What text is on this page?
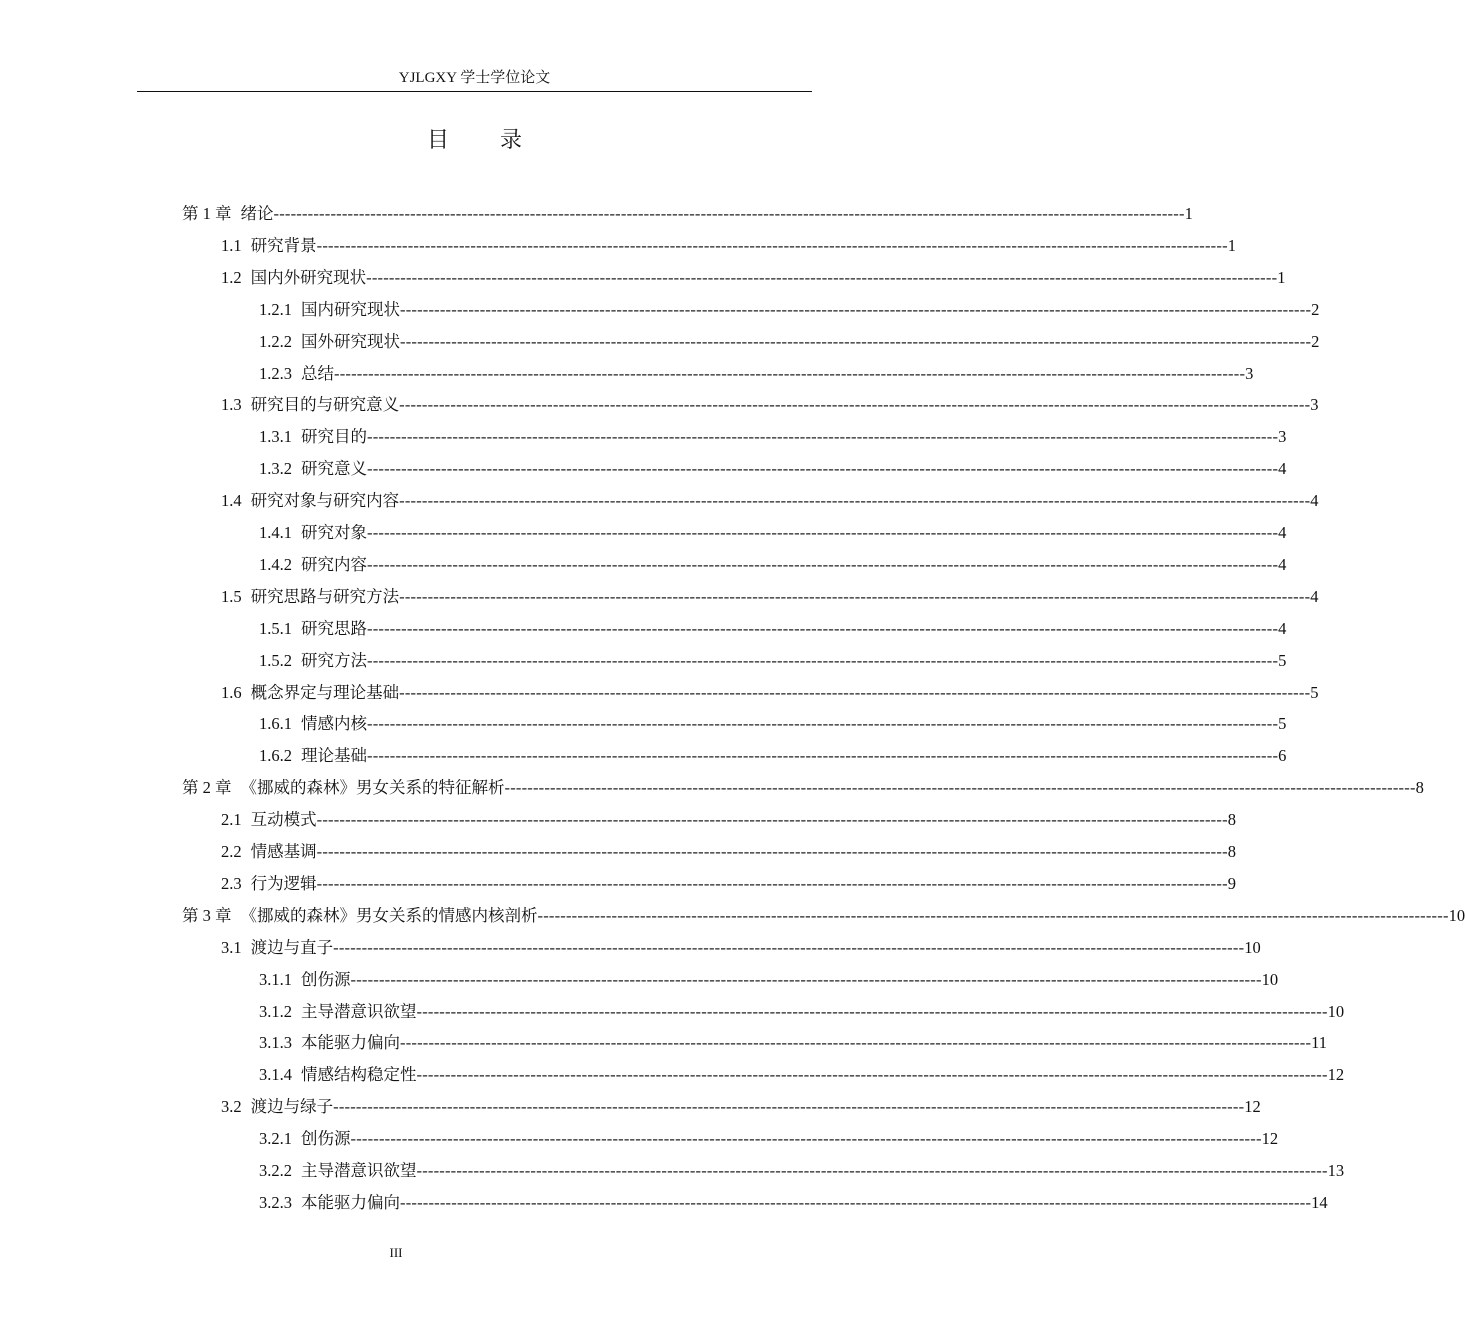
YJLGXY 学士学位论文
目 录
第 1 章 绪论 ---------------------------------------------------------------------------------------------------------------------------------------------------------------- 1
1.1 研究背景 ---------------------------------------------------------------------------------------------------------------------------------------------------------------- 1
1.2 国内外研究现状 ---------------------------------------------------------------------------------------------------------------------------------------------------------------- 1
1.2.1 国内研究现状 ---------------------------------------------------------------------------------------------------------------------------------------------------------------- 2
1.2.2 国外研究现状 ---------------------------------------------------------------------------------------------------------------------------------------------------------------- 2
1.2.3 总结 ---------------------------------------------------------------------------------------------------------------------------------------------------------------- 3
1.3 研究目的与研究意义 ---------------------------------------------------------------------------------------------------------------------------------------------------------------- 3
1.3.1 研究目的 ---------------------------------------------------------------------------------------------------------------------------------------------------------------- 3
1.3.2 研究意义 ---------------------------------------------------------------------------------------------------------------------------------------------------------------- 4
1.4 研究对象与研究内容 ---------------------------------------------------------------------------------------------------------------------------------------------------------------- 4
1.4.1 研究对象 ---------------------------------------------------------------------------------------------------------------------------------------------------------------- 4
1.4.2 研究内容 ---------------------------------------------------------------------------------------------------------------------------------------------------------------- 4
1.5 研究思路与研究方法 ---------------------------------------------------------------------------------------------------------------------------------------------------------------- 4
1.5.1 研究思路 ---------------------------------------------------------------------------------------------------------------------------------------------------------------- 4
1.5.2 研究方法 ---------------------------------------------------------------------------------------------------------------------------------------------------------------- 5
1.6 概念界定与理论基础 ---------------------------------------------------------------------------------------------------------------------------------------------------------------- 5
1.6.1 情感内核 ---------------------------------------------------------------------------------------------------------------------------------------------------------------- 5
1.6.2 理论基础 ---------------------------------------------------------------------------------------------------------------------------------------------------------------- 6
第 2 章 《挪威的森林》男女关系的特征解析 ---------------------------------------------------------------------------------------------------------------------------------------------------------------- 8
2.1 互动模式 ---------------------------------------------------------------------------------------------------------------------------------------------------------------- 8
2.2 情感基调 ---------------------------------------------------------------------------------------------------------------------------------------------------------------- 8
2.3 行为逻辑 ---------------------------------------------------------------------------------------------------------------------------------------------------------------- 9
第 3 章 《挪威的森林》男女关系的情感内核剖析 ---------------------------------------------------------------------------------------------------------------------------------------------------------------- 10
3.1 渡边与直子 ---------------------------------------------------------------------------------------------------------------------------------------------------------------- 10
3.1.1 创伤源 ---------------------------------------------------------------------------------------------------------------------------------------------------------------- 10
3.1.2 主导潜意识欲望 ---------------------------------------------------------------------------------------------------------------------------------------------------------------- 10
3.1.3 本能驱力偏向 ---------------------------------------------------------------------------------------------------------------------------------------------------------------- 11
3.1.4 情感结构稳定性 ---------------------------------------------------------------------------------------------------------------------------------------------------------------- 12
3.2 渡边与绿子 ---------------------------------------------------------------------------------------------------------------------------------------------------------------- 12
3.2.1 创伤源 ---------------------------------------------------------------------------------------------------------------------------------------------------------------- 12
3.2.2 主导潜意识欲望 ---------------------------------------------------------------------------------------------------------------------------------------------------------------- 13
3.2.3 本能驱力偏向 ---------------------------------------------------------------------------------------------------------------------------------------------------------------- 14
III
